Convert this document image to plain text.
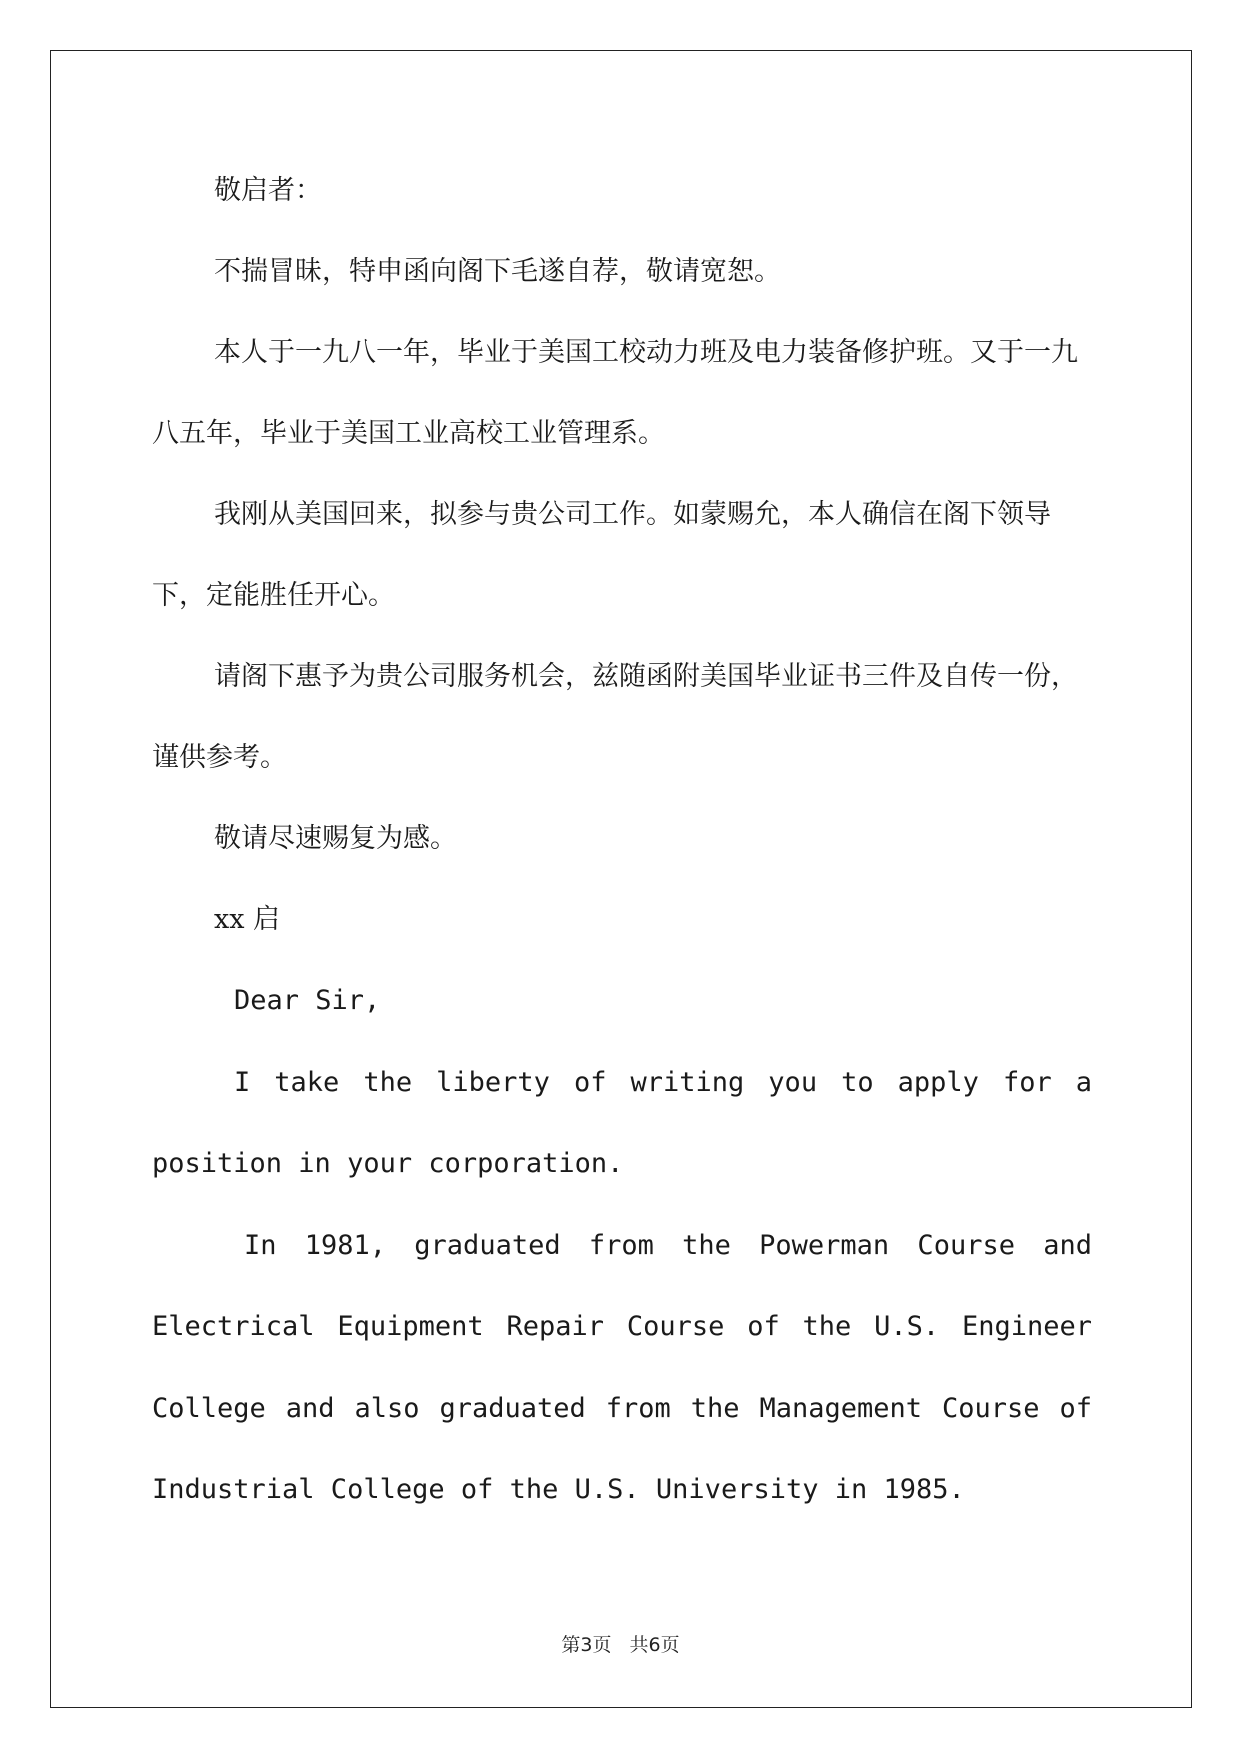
敬启者：

不揣冒昧，特申函向阁下毛遂自荐，敬请宽恕。

本人于一九八一年，毕业于美国工校动力班及电力装备修护班。又于一九八五年，毕业于美国工业高校工业管理系。

我刚从美国回来，拟参与贵公司工作。如蒙赐允，本人确信在阁下领导下，定能胜任开心。

请阁下惠予为贵公司服务机会，兹随函附美国毕业证书三件及自传一份，谨供参考。

敬请尽速赐复为感。

xx 启

Dear Sir,

I take the liberty of writing you to apply for a position in your corporation.

In 1981, graduated from the Powerman Course and Electrical Equipment Repair Course of the U.S. Engineer College and also graduated from the Management Course of Industrial College of the U.S. University in 1985.

第3页 共6页
